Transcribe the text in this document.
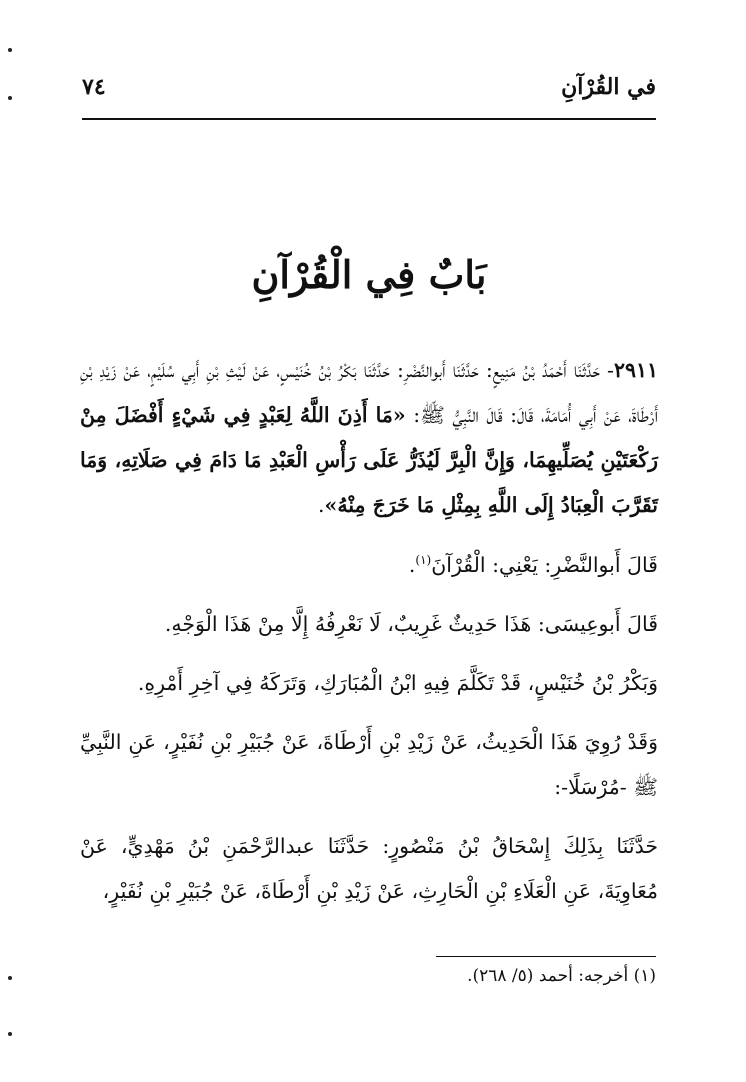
٧٤	في القُرْآنِ
بَابٌ فِي الْقُرْآنِ

٢٩١١- حَدَّثَنَا أَحْمَدُ بْنُ مَنِيعٍ: حَدَّثَنَا أَبوالنَّضْرِ: حَدَّثَنَا بَكْرُ بْنُ خُنَيْسٍ، عَنْ لَيْثِ بْنِ أَبِي سُلَيْمٍ، عَنْ زَيْدِ بْنِ أَرْطَاةَ، عَنْ أَبِي أُمَامَةَ، قَالَ: قَالَ النَّبِيُّ ﷺ: «مَا أَذِنَ اللَّهُ لِعَبْدٍ فِي شَيْءٍ أَفْضَلَ مِنْ رَكْعَتَيْنِ يُصَلِّيهِمَا، وَإِنَّ الْبِرَّ لَيُذَرُّ عَلَى رَأْسِ الْعَبْدِ مَا دَامَ فِي صَلَاتِهِ، وَمَا تَقَرَّبَ الْعِبَادُ إِلَى اللَّهِ بِمِثْلِ مَا خَرَجَ مِنْهُ».

قَالَ أَبوالنَّضْرِ: يَعْنِي: الْقُرْآنَ$^{(١)}$.

قَالَ أَبوعِيسَى: هَذَا حَدِيثٌ غَرِيبٌ، لَا نَعْرِفُهُ إِلَّا مِنْ هَذَا الْوَجْهِ.

وَبَكْرُ بْنُ خُنَيْسٍ، قَدْ تَكَلَّمَ فِيهِ ابْنُ الْمُبَارَكِ، وَتَرَكَهُ فِي آخِرِ أَمْرِهِ.

وَقَدْ رُوِيَ هَذَا الْحَدِيثُ، عَنْ زَيْدِ بْنِ أَرْطَاةَ، عَنْ جُبَيْرِ بْنِ نُفَيْرٍ، عَنِ النَّبِيِّ ﷺ -مُرْسَلًا-:

حَدَّثَنَا بِذَلِكَ إِسْحَاقُ بْنُ مَنْصُورٍ: حَدَّثَنَا عبدالرَّحْمَنِ بْنُ مَهْدِيٍّ، عَنْ مُعَاوِيَةَ، عَنِ الْعَلَاءِ بْنِ الْحَارِثِ، عَنْ زَيْدِ بْنِ أَرْطَاةَ، عَنْ جُبَيْرِ بْنِ نُفَيْرٍ،

(١) أخرجه: أحمد (٥/ ٢٦٨).
